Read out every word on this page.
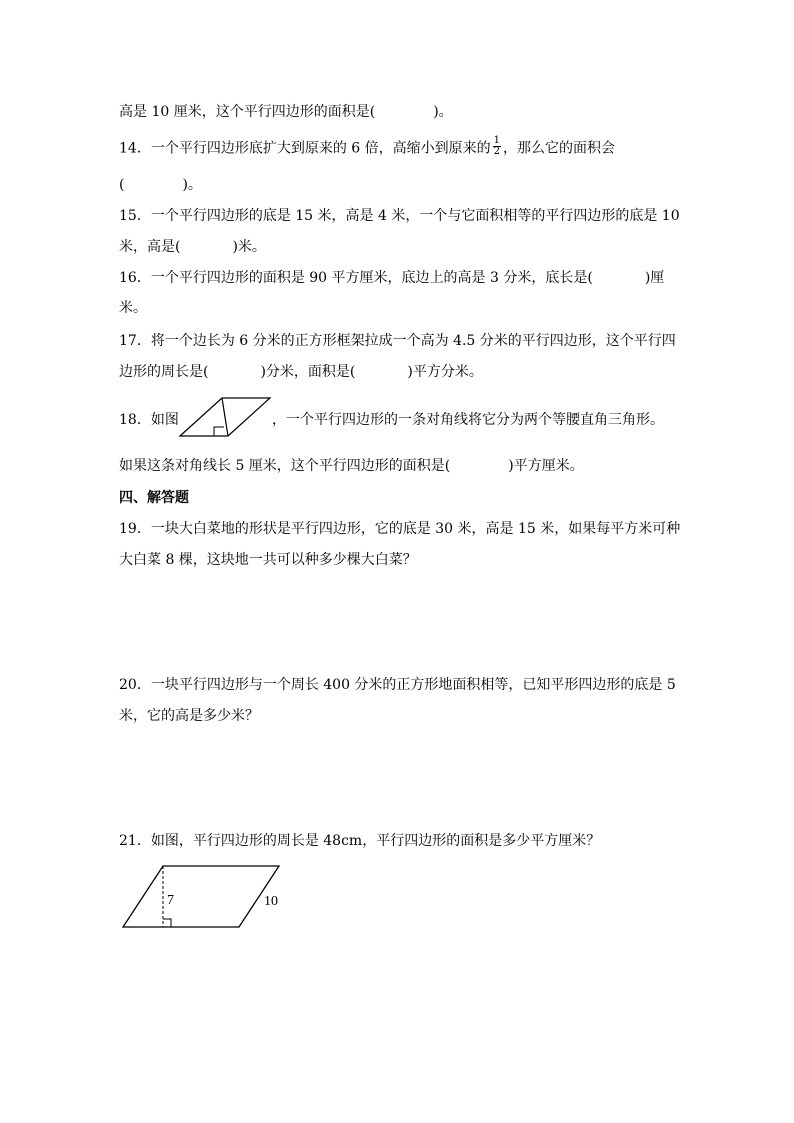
高是 10 厘米，这个平行四边形的面积是(	)。
14．一个平行四边形底扩大到原来的 6 倍，高缩小到原来的 $\frac{1}{2}$ ，那么它的面积会
(	)。
15．一个平行四边形的底是 15 米，高是 4 米，一个与它面积相等的平行四边形的底是 10
米，高是(	)米。
16．一个平行四边形的面积是 90 平方厘米，底边上的高是 3 分米，底长是(	)厘
米。
17．将一个边长为 6 分米的正方形框架拉成一个高为 4.5 分米的平行四边形，这个平行四
边形的周长是(	)分米，面积是(	)平方分米。
18．如图	，一个平行四边形的一条对角线将它分为两个等腰直角三角形。
如果这条对角线长 5 厘米，这个平行四边形的面积是(	)平方厘米。
四、解答题
19．一块大白菜地的形状是平行四边形，它的底是 30 米，高是 15 米，如果每平方米可种
大白菜 8 棵，这块地一共可以种多少棵大白菜？
20．一块平行四边形与一个周长 400 分米的正方形地面积相等，已知平形四边形的底是 5
米，它的高是多少米？
21．如图，平行四边形的周长是 48cm，平行四边形的面积是多少平方厘米？
7	10
